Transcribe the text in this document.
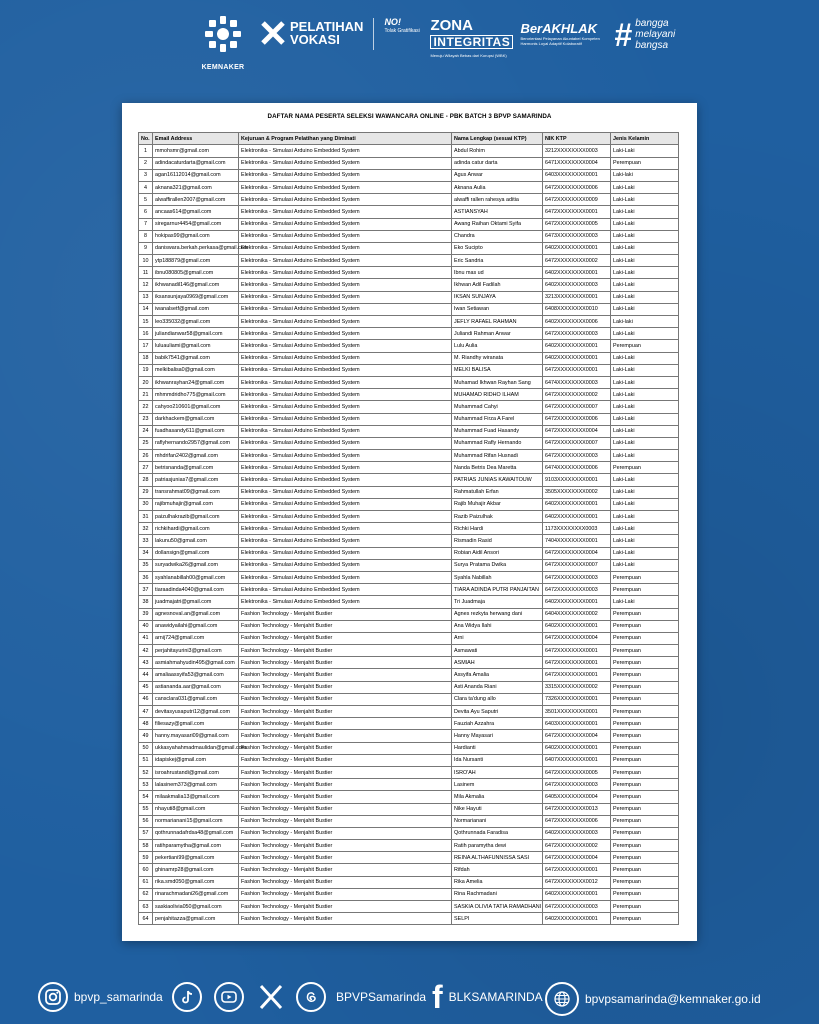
KEMNAKER
PELATIHAN
VOKASI
NO!
Tolak Gratifikasi ZONA
INTEGRITAS
Menuju Wilayah Bebas dari Korupsi (WBK)
BerAKHLAK
Berorientasi Pelayanan Akuntabel Kompeten Harmonis Loyal Adaptif Kolaboratif	# bangga
melayani
bangsa
DAFTAR NAMA PESERTA SELEKSI WAWANCARA ONLINE - PBK BATCH 3 BPVP SAMARINDA
No.	Email Address	Kejuruan & Program Pelatihan yang Diminati	Nama Lengkap (sesuai KTP)	NIK KTP	Jenis Kelamin
1	mmohsmr@gmail.com	Elektronika - Simulasi Arduino Embedded System	Abdul Rohim	3212XXXXXXXX0003	Laki-Laki
2	adindacaturdarta@gmail.com	Elektronika - Simulasi Arduino Embedded System	adinda catur darta	6471XXXXXXXX0004	Perempuan
3	agan16112014@gmail.com	Elektronika - Simulasi Arduino Embedded System	Agus Anwar	6403XXXXXXXX0001	Laki-laki
4	aknana321@gmail.com	Elektronika - Simulasi Arduino Embedded System	Aknana Aulia	6472XXXXXXXX0006	Laki-Laki
5	alwaffirallen2007@gmail.com	Elektronika - Simulasi Arduino Embedded System	alwaffi rallen rahesya aditia	6472XXXXXXXX0009	Laki-Laki
6	ancaas614@gmail.com	Elektronika - Simulasi Arduino Embedded System	ASTIANSYAH	6472XXXXXXXX0001	Laki-Laki
7	siregarnur4454@gmail.com	Elektronika - Simulasi Arduino Embedded System	Awang Raihan Oktami Syifa	6472XXXXXXXX0005	Laki-Laki
8	hokipas99@gmail.com	Elektronika - Simulasi Arduino Embedded System	Chandra	6473XXXXXXXX0003	Laki-Laki
9	daniswara.berkah.perkasa@gmail.com	Elektronika - Simulasi Arduino Embedded System	Eko Sucipto	6402XXXXXXXX0001	Laki-Laki
10	ytp188879@gmail.com	Elektronika - Simulasi Arduino Embedded System	Eric Sandria	6472XXXXXXXX0002	Laki-Laki
11	ibnu080805@gmail.com	Elektronika - Simulasi Arduino Embedded System	Ibnu mas ud	6402XXXXXXXX0001	Laki-Laki
12	ikhwanadil146@gmail.com	Elektronika - Simulasi Arduino Embedded System	Ikhwan Adil Fadilah	6402XXXXXXXX0003	Laki-Laki
13	iksansunjaya0969@gmail.com	Elektronika - Simulasi Arduino Embedded System	IKSAN SUNJAYA	3213XXXXXXXX0001	Laki-Laki
14	iwanalsetf@gmail.com	Elektronika - Simulasi Arduino Embedded System	Iwan Setiawan	6408XXXXXXXX0010	Laki-Laki
15	leo335032@gmail.com	Elektronika - Simulasi Arduino Embedded System	JEFLY RAFAEL RAHMAN	6402XXXXXXXX0006	Laki-laki
16	juliandianwar58@gmail.com	Elektronika - Simulasi Arduino Embedded System	Juliandi Rahman Anwar	6472XXXXXXXX0003	Laki-Laki
17	luluauliami@gmail.com	Elektronika - Simulasi Arduino Embedded System	Lulu Aulia	6402XXXXXXXX0001	Perempuan
18	babik7541@gmail.com	Elektronika - Simulasi Arduino Embedded System	M. Riandhy wiranata	6402XXXXXXXX0001	Laki-Laki
19	melkibalisa0@gmail.com	Elektronika - Simulasi Arduino Embedded System	MELKI BALISA	6472XXXXXXXX0001	Laki-Laki
20	ikhwanrayhan24@gmail.com	Elektronika - Simulasi Arduino Embedded System	Muhamad Ikhwan Rayhan Sang	6474XXXXXXXX0003	Laki-Laki
21	mhmmdridho775@gmail.com	Elektronika - Simulasi Arduino Embedded System	MUHAMAD RIDHO ILHAM	6472XXXXXXXX0002	Laki-Laki
22	cahyoo210601@gmail.com	Elektronika - Simulasi Arduino Embedded System	Muhammad Cahyi	6472XXXXXXXX0007	Laki-Laki
23	darkhackem@gmail.com	Elektronika - Simulasi Arduino Embedded System	Muhammad Firza A Farel	6472XXXXXXXX0006	Laki-Laki
24	fuadhasandy611@gmail.com	Elektronika - Simulasi Arduino Embedded System	Muhammad Fuad Hasandy	6472XXXXXXXX0004	Laki-Laki
25	raflyhernando2957@gmail.com	Elektronika - Simulasi Arduino Embedded System	Muhammad Rafly Hernando	6472XXXXXXXX0007	Laki-Laki
26	mhdrifan2402@gmail.com	Elektronika - Simulasi Arduino Embedded System	Muhammad Rifan Husnadi	6472XXXXXXXX0003	Laki-Laki
27	betrisnanda@gmail.com	Elektronika - Simulasi Arduino Embedded System	Nanda Betris Dea Maretta	6474XXXXXXXX0006	Perempuan
28	patriasjunias7@gmail.com	Elektronika - Simulasi Arduino Embedded System	PATRIAS JUNIAS KAWAITOUW	9103XXXXXXXX0001	Laki-Laki
29	transrahmat09@gmail.com	Elektronika - Simulasi Arduino Embedded System	Rahmatullah Erfan	3505XXXXXXXX0002	Laki-Laki
30	rajibmuhajir@gmail.com	Elektronika - Simulasi Arduino Embedded System	Rajib Muhajir Akbar	6402XXXXXXXX0001	Laki-Laki
31	paizulhakrazib@gmail.com	Elektronika - Simulasi Arduino Embedded System	Razib Paizulhak	6402XXXXXXXX0001	Laki-Laki
32	richkihardi@gmail.com	Elektronika - Simulasi Arduino Embedded System	Richki Hardi	1173XXXXXXXX0003	Laki-Laki
33	lakunu50@gmail.com	Elektronika - Simulasi Arduino Embedded System	Rismadin Rasid	7404XXXXXXXX0001	Laki-Laki
34	dollansign@gmail.com	Elektronika - Simulasi Arduino Embedded System	Robian Aidil Ansori	6472XXXXXXXX0004	Laki-Laki
35	suryadwika26@gmail.com	Elektronika - Simulasi Arduino Embedded System	Surya Pratama Dwika	6472XXXXXXXX0007	Laki-Laki
36	syahlanabillah00@gmail.com	Elektronika - Simulasi Arduino Embedded System	Syahla Nabillah	6472XXXXXXXX0003	Perempuan
37	tiaraadinda4040@gmail.com	Elektronika - Simulasi Arduino Embedded System	TIARA ADINDA PUTRI PANJAITAN	6472XXXXXXXX0003	Perempuan
38	juadmajatri@gmail.com	Elektronika - Simulasi Arduino Embedded System	Tri Juadmaja	6402XXXXXXXX0001	Laki-Laki
39	agnesnoval.an@gmail.com	Fashion Technology - Menjahit Bustier	Agnes rezkyta herwang dani	6404XXXXXXXX0002	Perempuan
40	anawidyailahi@gmail.com	Fashion Technology - Menjahit Bustier	Ana Widya Ilahi	6402XXXXXXXX0001	Perempuan
41	arnij724@gmail.com	Fashion Technology - Menjahit Bustier	Arni	6472XXXXXXXX0004	Perempuan
42	perjahitayurini3@gmail.com	Fashion Technology - Menjahit Bustier	Asmawati	6472XXXXXXXX0001	Perempuan
43	asmiahmahyudin495@gmail.com	Fashion Technology - Menjahit Bustier	ASMIAH	6472XXXXXXXX0001	Perempuan
44	amaliaassyifa53@gmail.com	Fashion Technology - Menjahit Bustier	Assyifa Amalia	6472XXXXXXXX0001	Perempuan
45	astiananda.aar@gmail.com	Fashion Technology - Menjahit Bustier	Asti Ananda Riani	3315XXXXXXXX0002	Perempuan
46	cansclara031@gmail.com	Fashion Technology - Menjahit Bustier	Clara ta'dung allo	7326XXXXXXXX0001	Perempuan
47	devitasyusaputri12@gmail.com	Fashion Technology - Menjahit Bustier	Devita Ayu Saputri	3501XXXXXXXX0001	Perempuan
48	filiesazy@gmail.com	Fashion Technology - Menjahit Bustier	Fauziah Azzahra	6403XXXXXXXX0001	Perempuan
49	hanny.mayasari09@gmail.com	Fashion Technology - Menjahit Bustier	Hanny Mayasari	6472XXXXXXXX0004	Perempuan
50	ukkasyahahmadmaulidan@gmail.com	Fashion Technology - Menjahit Bustier	Hardianti	6402XXXXXXXX0001	Perempuan
51	idapiskej@gmail.com	Fashion Technology - Menjahit Bustier	Ida Nursanti	6407XXXXXXXX0001	Perempuan
52	isroahrustandi@gmail.com	Fashion Technology - Menjahit Bustier	ISRO'AH	6472XXXXXXXX0005	Perempuan
53	lalasinem373@gmail.com	Fashion Technology - Menjahit Bustier	Lasinem	6472XXXXXXXX0003	Perempuan
54	milaakmalia13@gmail.com	Fashion Technology - Menjahit Bustier	Mila Akmalia	6405XXXXXXXX0004	Perempuan
55	nhayuti8@gmail.com	Fashion Technology - Menjahit Bustier	Nike Hayuti	6472XXXXXXXX0013	Perempuan
56	normarianani15@gmail.com	Fashion Technology - Menjahit Bustier	Normarianani	6472XXXXXXXX0006	Perempuan
57	qothrunnadafrdsa48@gmail.com	Fashion Technology - Menjahit Bustier	Qothrunnada Faradisa	6402XXXXXXXX0003	Perempuan
58	ratihparamytha@gmail.com	Fashion Technology - Menjahit Bustier	Ratih paramytha dewi	6472XXXXXXXX0002	Perempuan
59	pekertiani99@gmail.com	Fashion Technology - Menjahit Bustier	REINA ALTHAFUNNISSA SASI	6472XXXXXXXX0004	Perempuan
60	ghinamrp28@gmail.com	Fashion Technology - Menjahit Bustier	Rifdah	6472XXXXXXXX0001	Perempuan
61	rika.smd050@gmail.com	Fashion Technology - Menjahit Bustier	Rika Amelia	6472XXXXXXXX0012	Perempuan
62	rinarachmadani26@gmail.com	Fashion Technology - Menjahit Bustier	Rina Rachmadani	6402XXXXXXXX0001	Perempuan
63	saskiaolivia050@gmail.com	Fashion Technology - Menjahit Bustier	SASKIA OLIVIA TATIA RAMADHANI	6472XXXXXXXX0003	Perempuan
64	penjahitazza@gmail.com	Fashion Technology - Menjahit Bustier	SELPI	6402XXXXXXXX0001	Perempuan
bpvp_samarinda	BPVPSamarinda f BLKSAMARINDA	bpvpsamarinda@kemnaker.go.id
